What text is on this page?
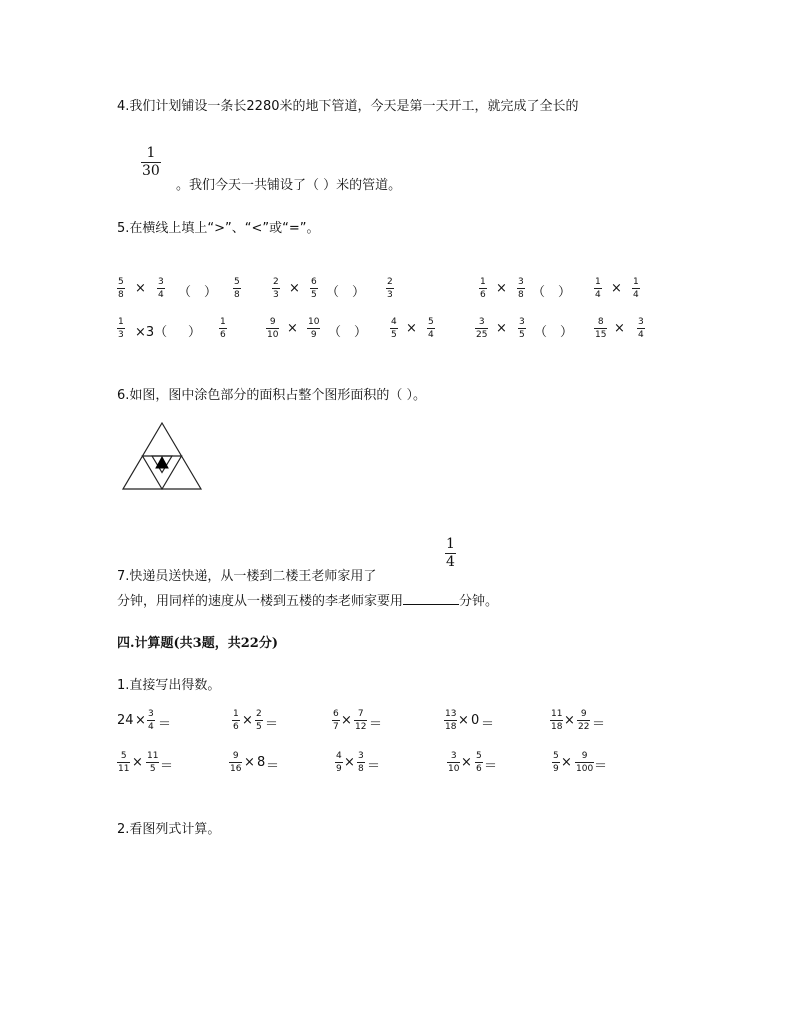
4.我们计划铺设一条长2280米的地下管道，今天是第一天开工，就完成了全长的
1
30
。我们今天一共铺设了（ ）米的管道。
5.在横线上填上“>”、“<”或“=”。
5
8 × 3
4 （　）
5
8
2
3 × 6
5 （　）
2
3
1
6 × 3
8 （　）
1
4 × 1
4
1
3 ×3（ ）
1
6
9
10 × 10
9 （　）
4
5 × 5
4
3
25 × 3
5 （　）
8
15 × 3
4
6.如图，图中涂色部分的面积占整个图形面积的（ ）。
1
4
7.快递员送快递，从一楼到二楼王老师家用了
分钟，用同样的速度从一楼到五楼的李老师家要用	分钟。
四.计算题(共3题，共22分)
1.直接写出得数。
24 × 3
4 ＝
1
6 × 2
5 ＝
6
7 × 7
12 ＝
13
18 × 0 ＝
11
18 × 9
22 ＝
5
11 × 11
5 ＝
9
16 × 8 ＝
4
9 × 3
8 ＝
3
10 × 5
6 ＝
5
9 × 9
100 ＝
2.看图列式计算。
